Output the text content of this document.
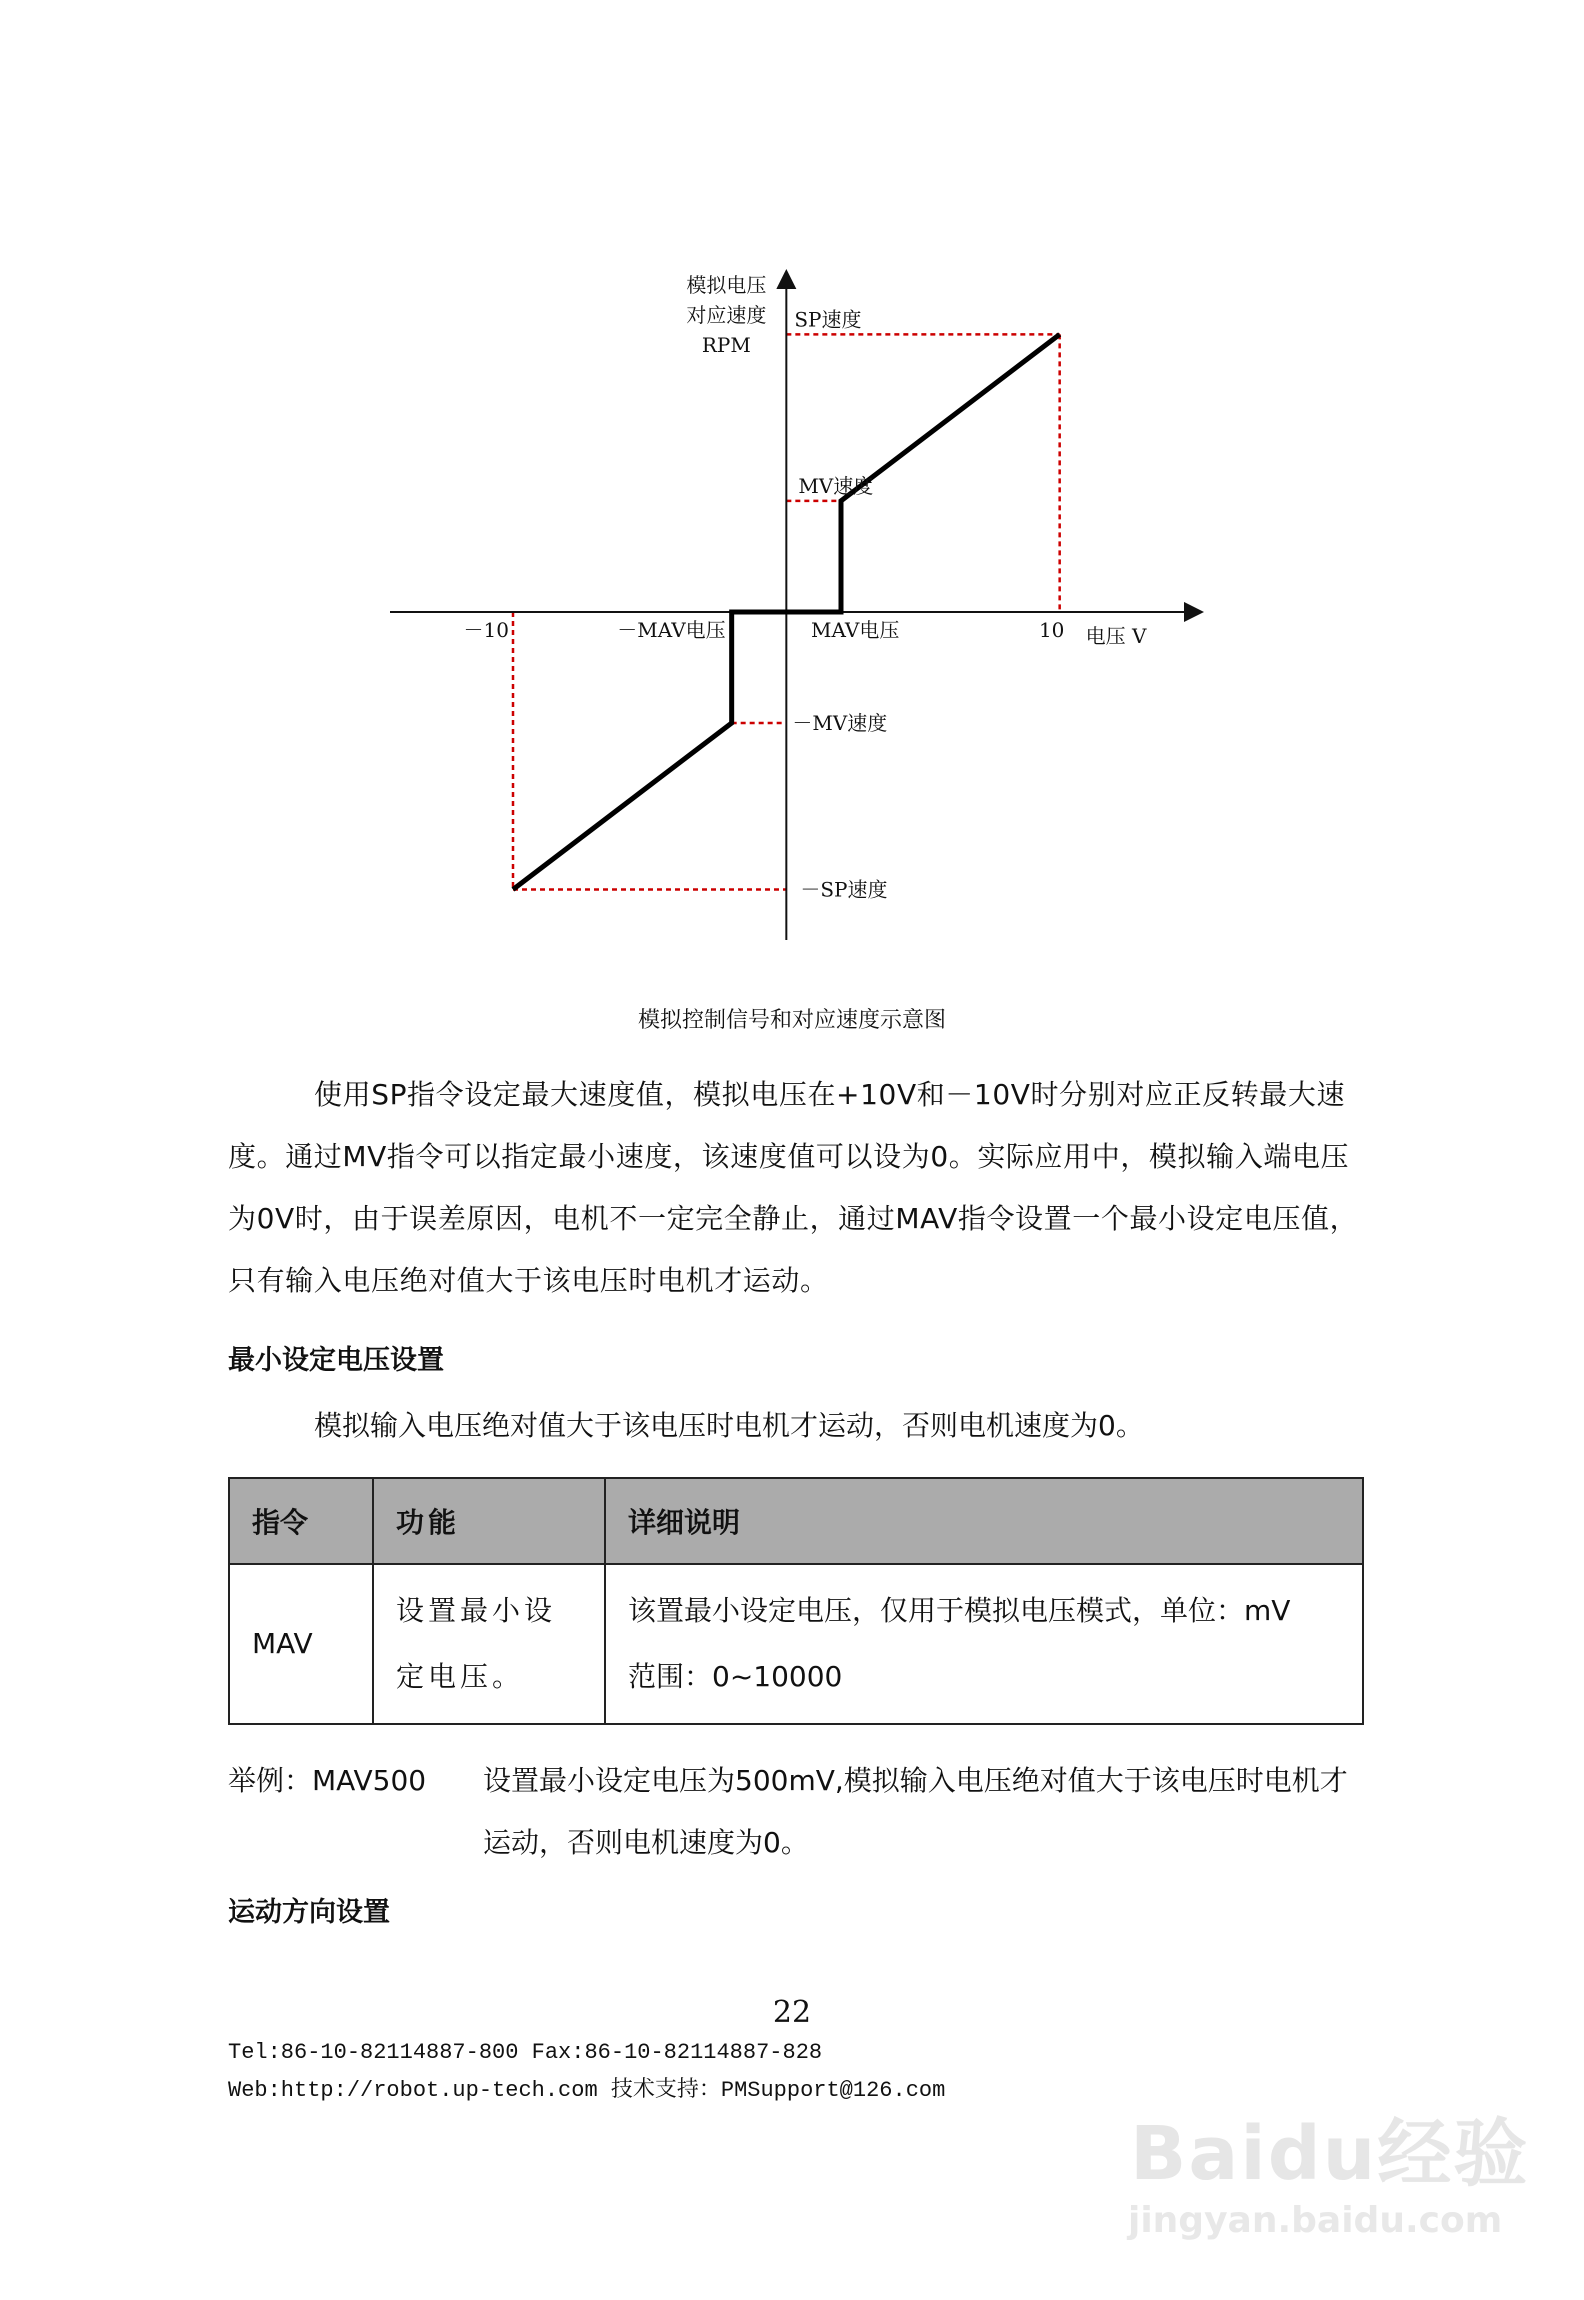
－10	－MAV电压	MAV电压	10 电压 V
SP速度
MV速度
－MV速度
－SP速度
模拟电压
对应速度
RPM
模拟控制信号和对应速度示意图
使用SP指令设定最大速度值，模拟电压在+10V和－10V时分别对应正反转最大速度。通过MV指令可以指定最小速度，该速度值可以设为0。实际应用中，模拟输入端电压为0V时，由于误差原因，电机不一定完全静止，通过MAV指令设置一个最小设定电压值，只有输入电压绝对值大于该电压时电机才运动。
最小设定电压设置
模拟输入电压绝对值大于该电压时电机才运动，否则电机速度为0。
指令	功能	详细说明
MAV	设置最小设定电压。	该置最小设定电压，仅用于模拟电压模式，单位：mV
范围：0~10000
举例：MAV500 设置最小设定电压为500mV,模拟输入电压绝对值大于该电压时电机才运动，否则电机速度为0。
运动方向设置
22
Tel:86-10-82114887-800 Fax:86-10-82114887-828
Web:http://robot.up-tech.com 技术支持：PMSupport@126.com
Baidu经验
jingyan.baidu.com
